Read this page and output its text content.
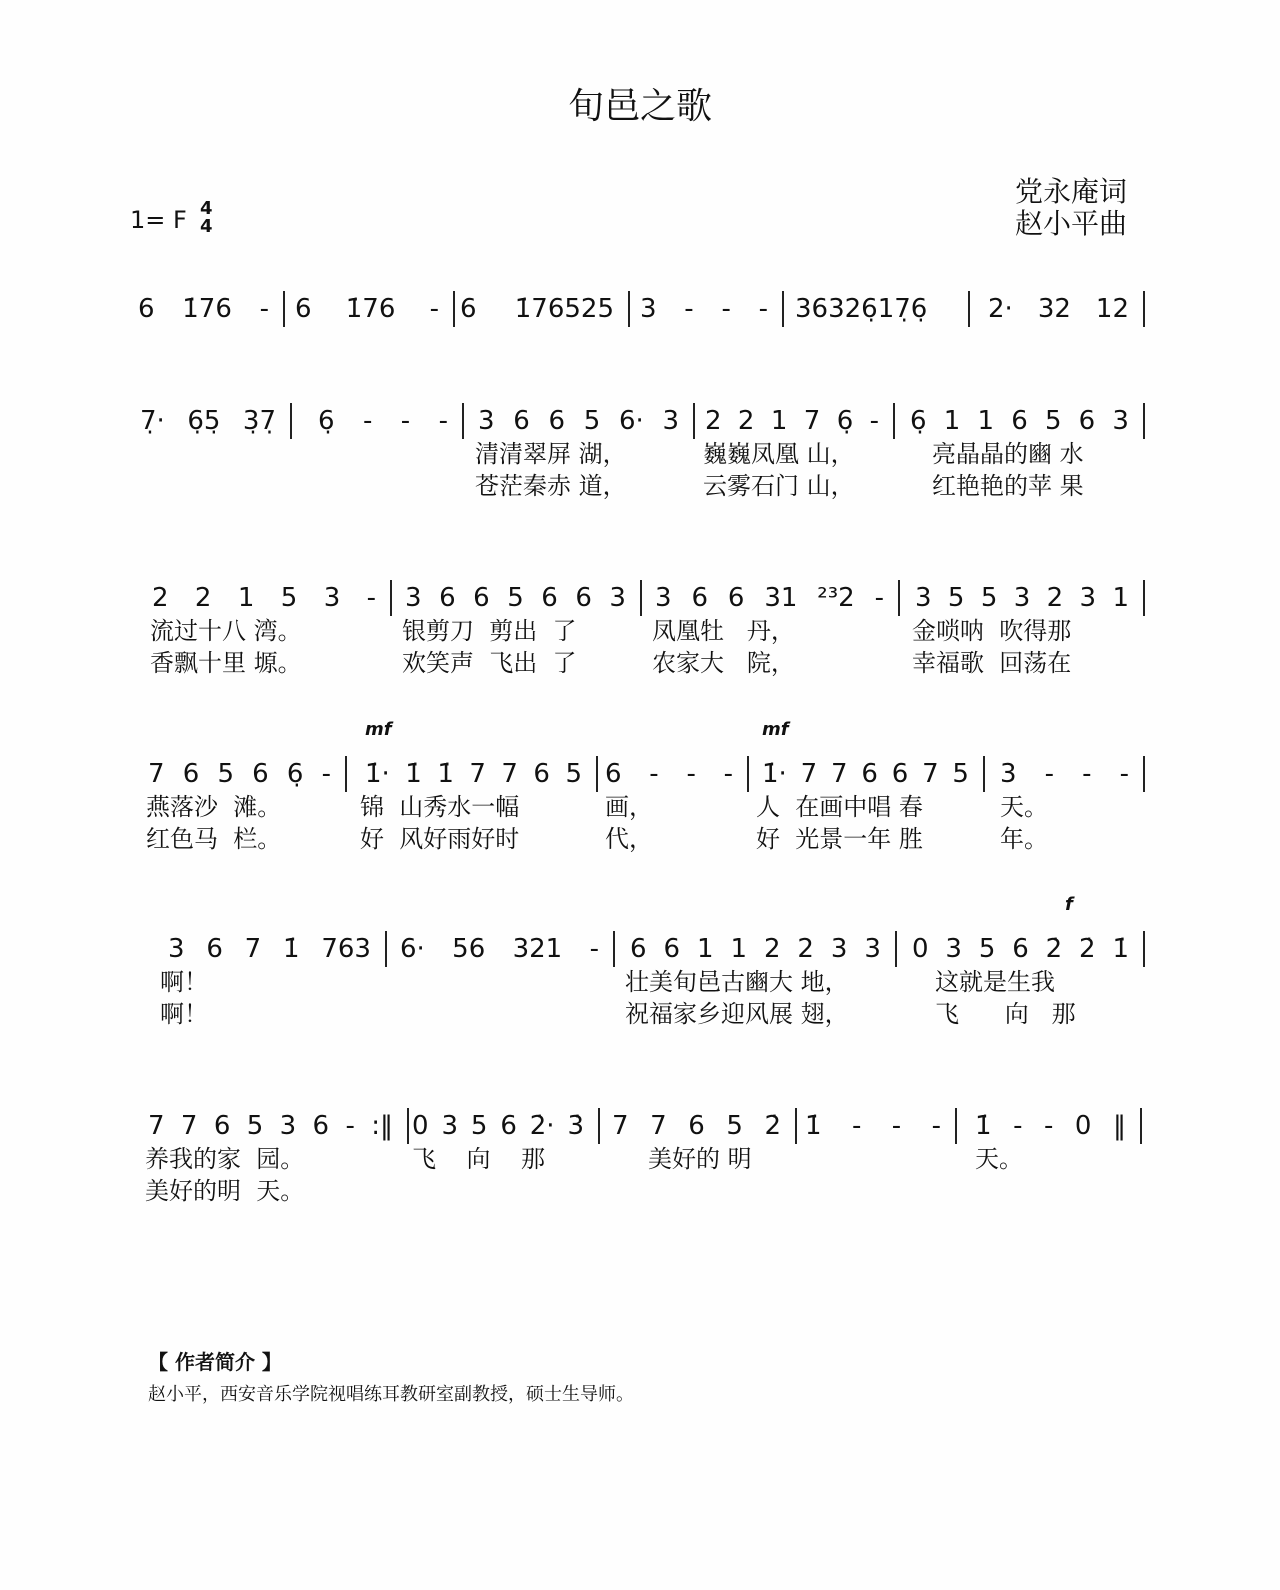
旬邑之歌
党永庵词
赵小平曲
1= F 4
4
6 1̇76 - 6 1̇76 - 6 1̇76525 3 - - - 36326̣17̣6̣ 2· 32 12
7̣· 6̣5̣ 3̣7̣ 6̣ - - - 3 6 6 5 6· 3 2 2 1 7 6̣ - 6̣ 1 1 6 5 6 3
清清翠屏 湖，	巍巍凤凰 山，	亮晶晶的豳 水
苍茫秦赤 道，	云雾石门 山，	红艳艳的苹 果
2 2 1 5 3 - 3 6 6 5 6 6 3 3 6 6 31 ²³2 - 3 5 5 3 2 3 1
流过十八 湾。	银剪刀  剪出  了	凤凰牡   丹，	金唢呐  吹得那
香飘十里 塬。	欢笑声  飞出  了	农家大   院，	幸福歌  回荡在
7 6 5 6 6̣ - 1̇· 1̇ 1̇ 7 7 6 5 6 - - - 1̇· 7 7 6 6 7 5 3 - - -
mf	mf
燕落沙  滩。	锦  山秀水一幅	画，	人  在画中唱 春	天。
红色马  栏。	好  风好雨好时	代，	好  光景一年 胜	年。
3 6 7 1̇ 763 6· 56 321 - 6 6 1 1 2 2 3 3 0 3 5 6 2̇ 2̇ 1̇
f
啊！	壮美旬邑古豳大 地，	这就是生我
啊！	祝福家乡迎风展 翅，	飞      向   那
7 7 6 5 3 6 - :‖ 0 3 5 6 2̇· 3̇ 7 7 6 5 2̇ 1̇ - - - 1̇ - - 0 ‖
养我的家  园。	飞    向    那	美好的 明	天。
美好的明  天。
【 作者简介 】
赵小平，西安音乐学院视唱练耳教研室副教授，硕士生导师。
